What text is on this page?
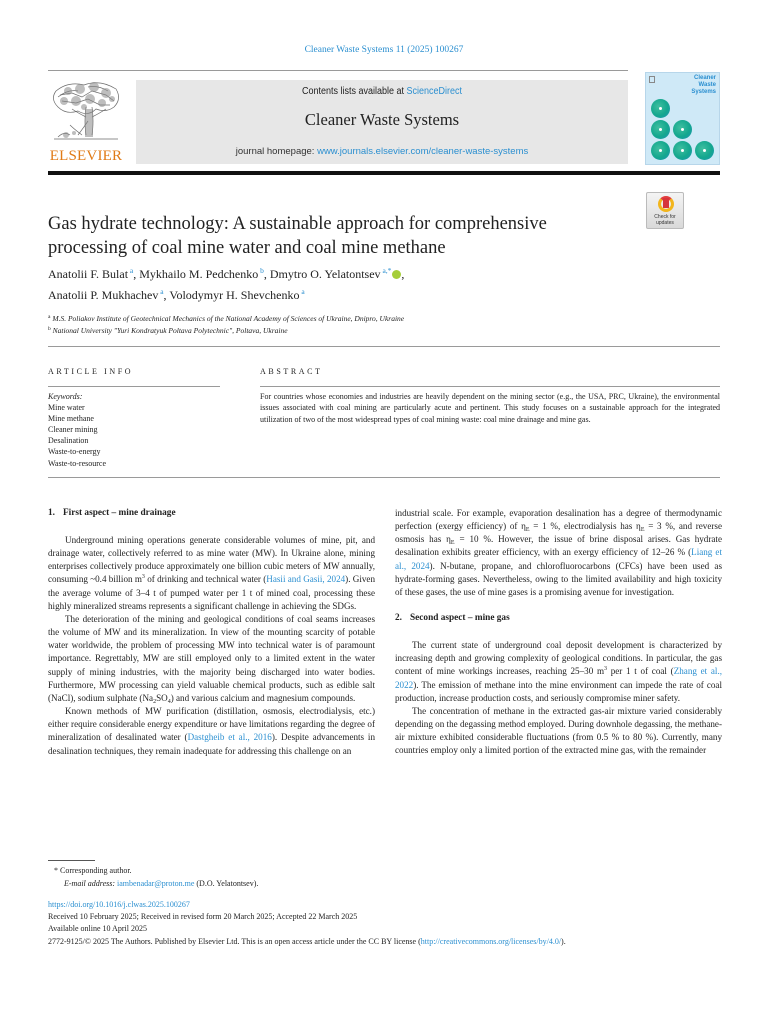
Cleaner Waste Systems 11 (2025) 100267
ELSEVIER
Contents lists available at ScienceDirect
Cleaner Waste Systems
journal homepage: www.journals.elsevier.com/cleaner-waste-systems
Cleaner
Waste
Systems
Gas hydrate technology: A sustainable approach for comprehensive
processing of coal mine water and coal mine methane
Check for updates
Anatolii F. Bulat $^a$, Mykhailo M. Pedchenko $^b$, Dmytro O. Yelatontsev $^{a,*}$ ,
Anatolii P. Mukhachev $^a$, Volodymyr H. Shevchenko $^a$
$^a$ M.S. Poliakov Institute of Geotechnical Mechanics of the National Academy of Sciences of Ukraine, Dnipro, Ukraine
$^b$ National University "Yuri Kondratyuk Poltava Polytechnic", Poltava, Ukraine
ARTICLE INFO	ABSTRACT
Keywords:
Mine water
Mine methane
Cleaner mining
Desalination
Waste-to-energy
Waste-to-resource
For countries whose economies and industries are heavily dependent on the mining sector (e.g., the USA, PRC, Ukraine), the environmental issues associated with coal mining are particularly acute and pertinent. This study focuses on a sustainable approach for the integrated utilization of two of the most widespread types of coal mining waste: coal mine drainage and mine gas.
1. First aspect – mine drainage

Underground mining operations generate considerable volumes of mine, pit, and drainage water, collectively referred to as mine water (MW). In Ukraine alone, mining enterprises collectively produce approximately one billion cubic meters of MW annually, consuming ~0.4 billion $m^3$ of drinking and technical water (Hasii and Gasii, 2024). Given the average volume of 3–4 t of pumped water per 1 t of mined coal, processing these highly mineralized streams represents a significant challenge in achieving the SDGs.

The deterioration of the mining and geological conditions of coal seams increases the volume of MW and its mineralization. In view of the mounting scarcity of potable water worldwide, the problem of processing MW into technical water is of paramount importance. Regrettably, MW are still employed only to a limited extent in the water supply of mining industries, with the majority being discharged into water bodies. Furthermore, MW processing can yield valuable chemical products, such as edible salt (NaCl), sodium sulphate $(Na_2SO_4)$ and various calcium and magnesium compounds.

Known methods of MW purification (distillation, osmosis, electrodialysis, etc.) either require considerable energy expenditure or have limitations regarding the degree of mineralization of desalinated water (Dastgheib et al., 2016). Despite advancements in desalination techniques, they remain inadequate for addressing this challenge on an

industrial scale. For example, evaporation desalination has a degree of thermodynamic perfection (exergy efficiency) of $\eta_E = 1$ %, electrodialysis has $\eta_E = 3$ %, and reverse osmosis has $\eta_E = 10$ %. However, the issue of brine disposal arises. Gas hydrate desalination exhibits greater efficiency, with an exergy efficiency of 12–26 % (Liang et al., 2024). N-butane, propane, and chlorofluorocarbons (CFCs) have been used as hydrate-forming gases. Nevertheless, owing to the limited availability and high toxicity of these gases, the use of mine gases is a promising avenue for investigation.

2. Second aspect – mine gas

The current state of underground coal deposit development is characterized by increasing depth and growing complexity of geological conditions. In particular, the gas content of mine workings increases, reaching 25–30 $m^3$ per 1 t of coal (Zhang et al., 2022). The emission of methane into the mine environment can impede the rate of coal production, increase production costs, and seriously compromise miner safety.

The concentration of methane in the extracted gas-air mixture varied considerably depending on the degassing method employed. During downhole degassing, the methane-air mixture exhibited considerable fluctuations (from 0.5 % to 80 %). Currently, many countries employ only a limited portion of the extracted mine gas, with the remainder

* Corresponding author.
E-mail address: iambenadar@proton.me (D.O. Yelatontsev).
https://doi.org/10.1016/j.clwas.2025.100267
Received 10 February 2025; Received in revised form 20 March 2025; Accepted 22 March 2025
Available online 10 April 2025
2772-9125/© 2025 The Authors. Published by Elsevier Ltd. This is an open access article under the CC BY license (http://creativecommons.org/licenses/by/4.0/).
